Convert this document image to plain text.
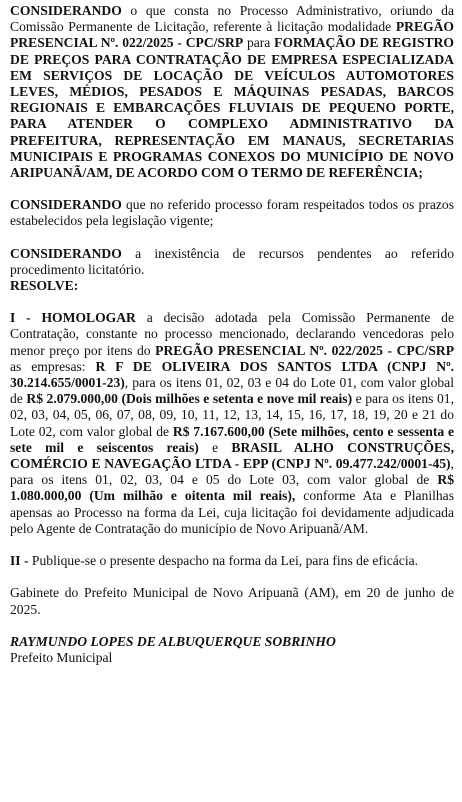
CONSIDERANDO o que consta no Processo Administrativo, oriundo da Comissão Permanente de Licitação, referente à licitação modalidade PREGÃO PRESENCIAL Nº. 022/2025 - CPC/SRP para FORMAÇÃO DE REGISTRO DE PREÇOS PARA CONTRATAÇÃO DE EMPRESA ESPECIALIZADA EM SERVIÇOS DE LOCAÇÃO DE VEÍCULOS AUTOMOTORES LEVES, MÉDIOS, PESADOS E MÁQUINAS PESADAS, BARCOS REGIONAIS E EMBARCAÇÕES FLUVIAIS DE PEQUENO PORTE, PARA ATENDER O COMPLEXO ADMINISTRATIVO DA PREFEITURA, REPRESENTAÇÃO EM MANAUS, SECRETARIAS MUNICIPAIS E PROGRAMAS CONEXOS DO MUNICÍPIO DE NOVO ARIPUANÃ/AM, DE ACORDO COM O TERMO DE REFERÊNCIA;

CONSIDERANDO que no referido processo foram respeitados todos os prazos estabelecidos pela legislação vigente;

CONSIDERANDO a inexistência de recursos pendentes ao referido procedimento licitatório.

RESOLVE:

I - HOMOLOGAR a decisão adotada pela Comissão Permanente de Contratação, constante no processo mencionado, declarando vencedoras pelo menor preço por itens do PREGÃO PRESENCIAL Nº. 022/2025 - CPC/SRP as empresas: R F DE OLIVEIRA DOS SANTOS LTDA (CNPJ Nº. 30.214.655/0001-23), para os itens 01, 02, 03 e 04 do Lote 01, com valor global de R$ 2.079.000,00 (Dois milhões e setenta e nove mil reais) e para os itens 01, 02, 03, 04, 05, 06, 07, 08, 09, 10, 11, 12, 13, 14, 15, 16, 17, 18, 19, 20 e 21 do Lote 02, com valor global de R$ 7.167.600,00 (Sete milhões, cento e sessenta e sete mil e seiscentos reais) e BRASIL ALHO CONSTRUÇÕES, COMÉRCIO E NAVEGAÇÃO LTDA - EPP (CNPJ Nº. 09.477.242/0001-45), para os itens 01, 02, 03, 04 e 05 do Lote 03, com valor global de R$ 1.080.000,00 (Um milhão e oitenta mil reais), conforme Ata e Planilhas apensas ao Processo na forma da Lei, cuja licitação foi devidamente adjudicada pelo Agente de Contratação do município de Novo Aripuanã/AM.

II - Publique-se o presente despacho na forma da Lei, para fins de eficácia.

Gabinete do Prefeito Municipal de Novo Aripuanã (AM), em 20 de junho de 2025.

RAYMUNDO LOPES DE ALBUQUERQUE SOBRINHO

Prefeito Municipal
